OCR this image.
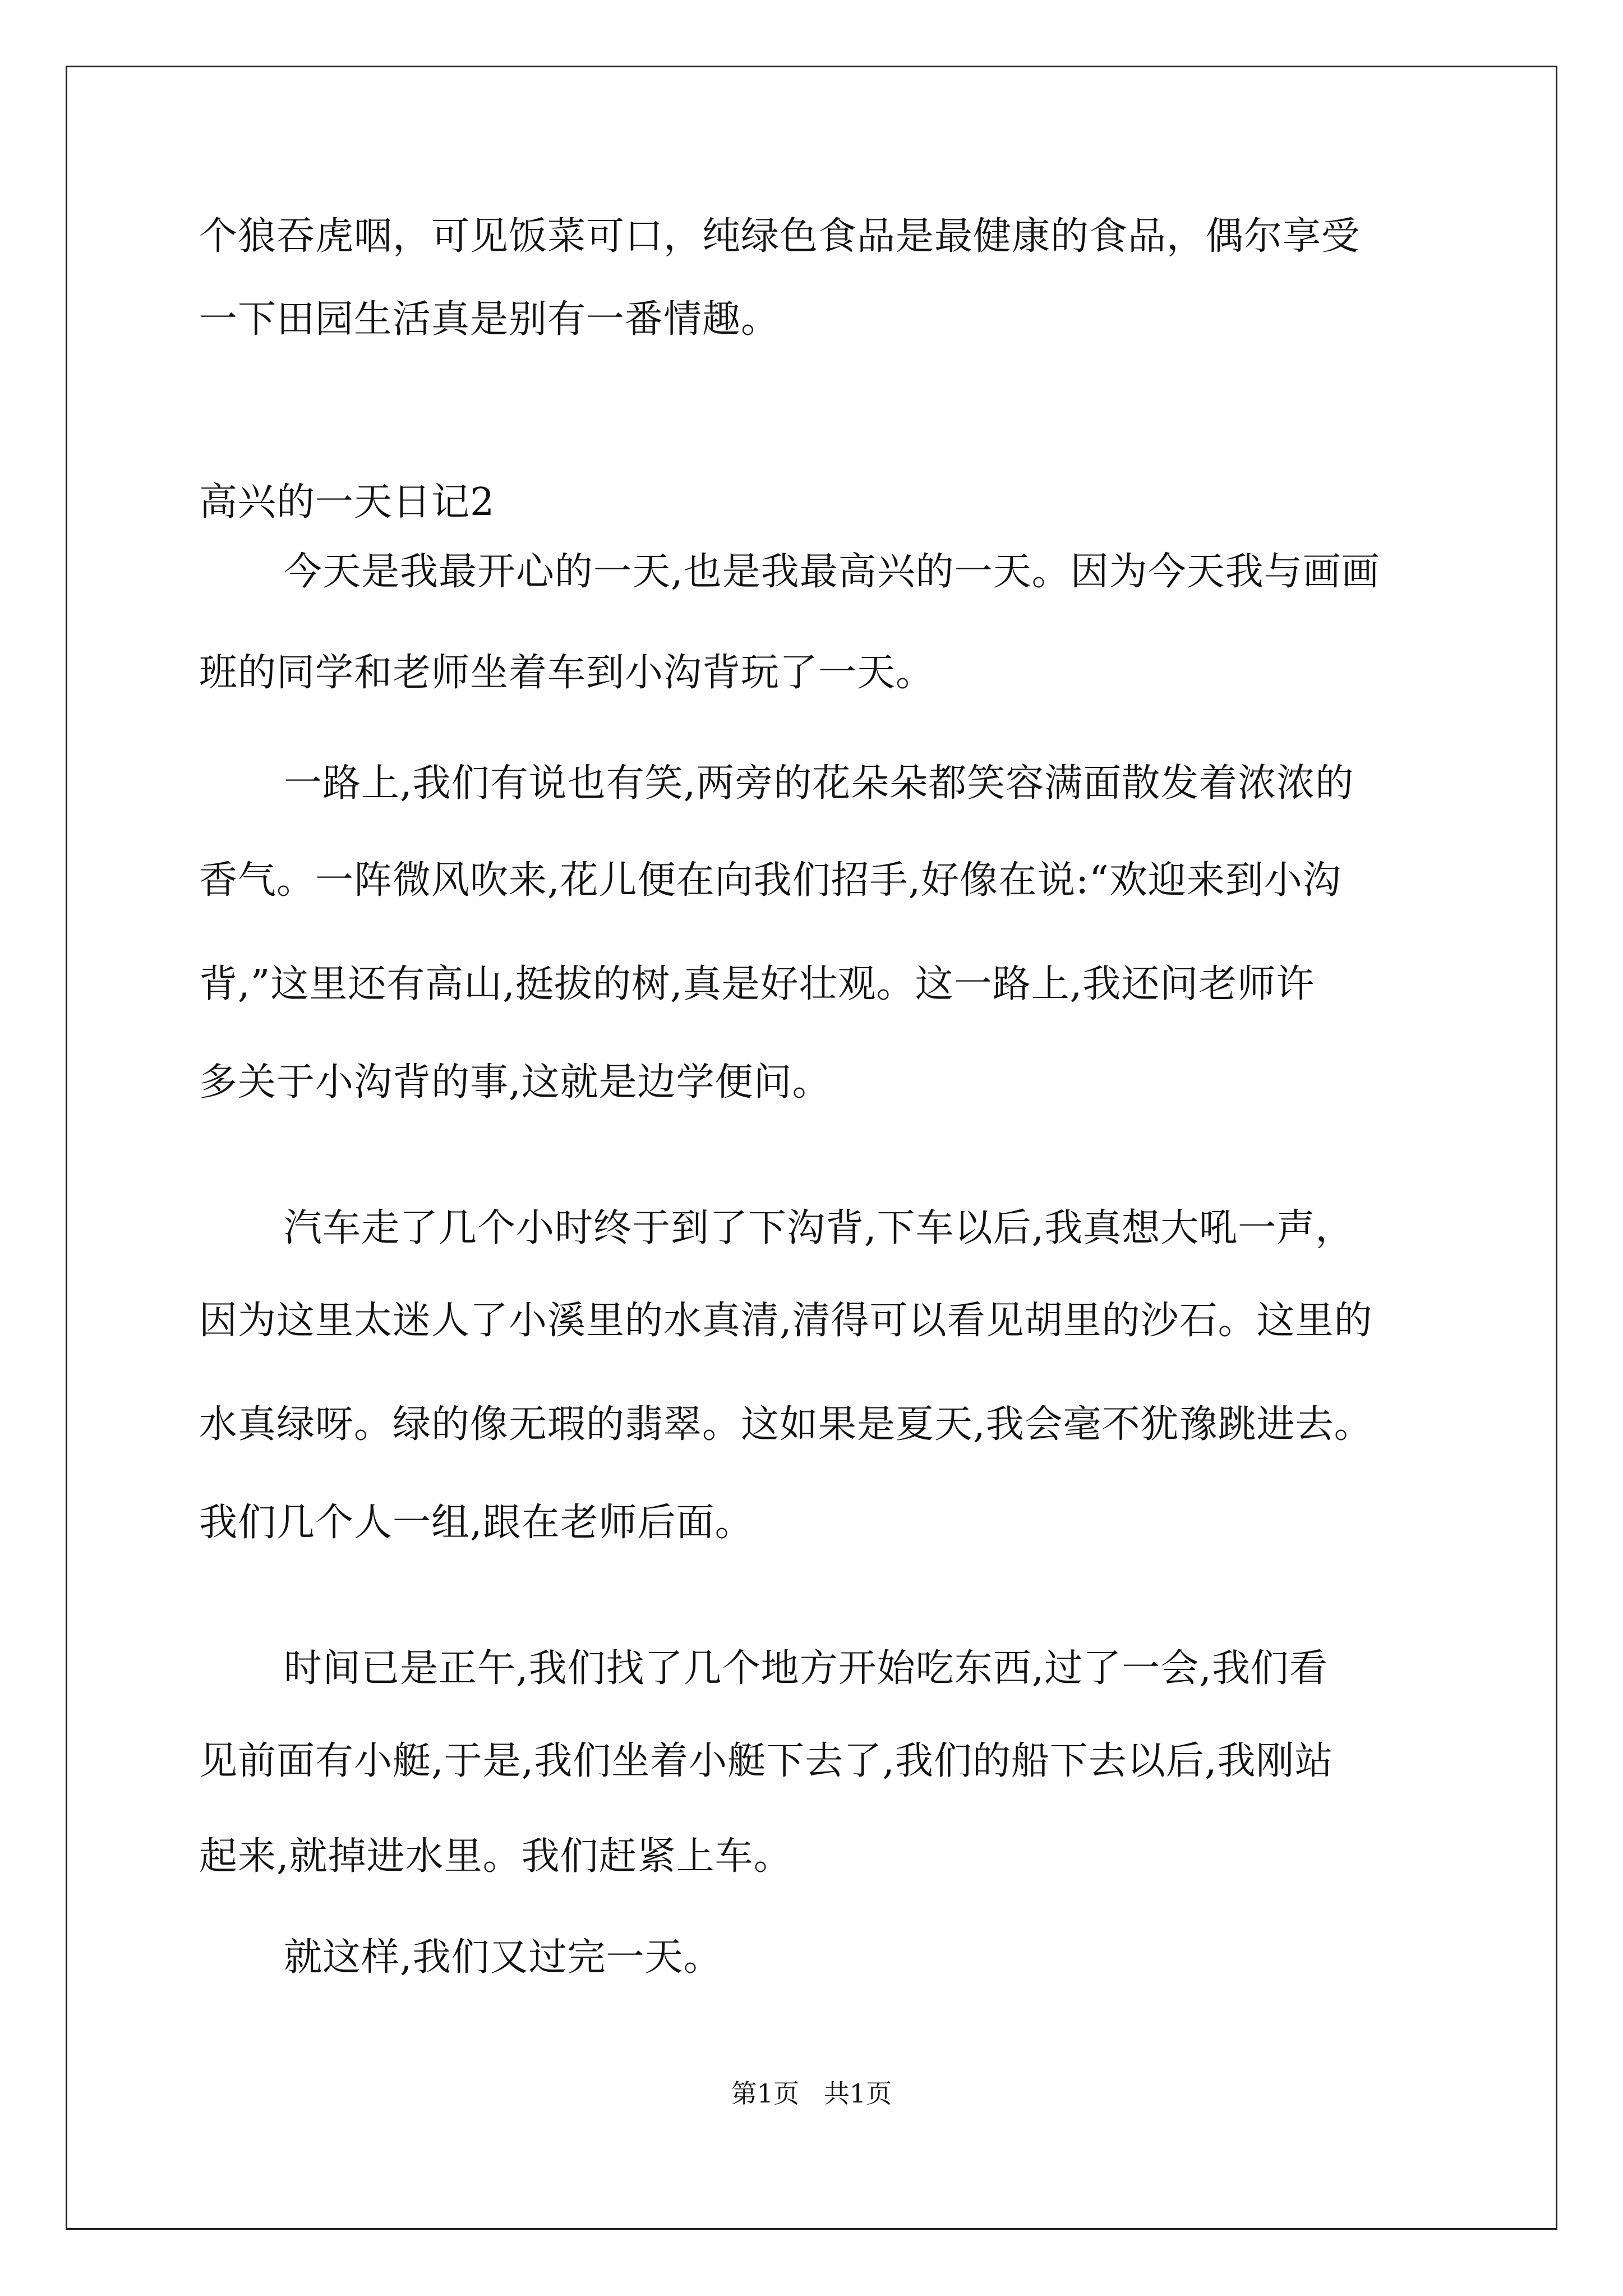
个狼吞虎咽，可见饭菜可口，纯绿色食品是最健康的食品，偶尔享受
一下田园生活真是别有一番情趣。
高兴的一天日记2
今天是我最开心的一天,也是我最高兴的一天。因为今天我与画画
班的同学和老师坐着车到小沟背玩了一天。
一路上,我们有说也有笑,两旁的花朵朵都笑容满面散发着浓浓的
香气。一阵微风吹来,花儿便在向我们招手,好像在说:“欢迎来到小沟
背,”这里还有高山,挺拔的树,真是好壮观。这一路上,我还问老师许
多关于小沟背的事,这就是边学便问。
汽车走了几个小时终于到了下沟背,下车以后,我真想大吼一声，
因为这里太迷人了小溪里的水真清,清得可以看见胡里的沙石。这里的
水真绿呀。绿的像无瑕的翡翠。这如果是夏天,我会毫不犹豫跳进去。
我们几个人一组,跟在老师后面。
时间已是正午,我们找了几个地方开始吃东西,过了一会,我们看
见前面有小艇,于是,我们坐着小艇下去了,我们的船下去以后,我刚站
起来,就掉进水里。我们赶紧上车。
就这样,我们又过完一天。
第1页   共1页
